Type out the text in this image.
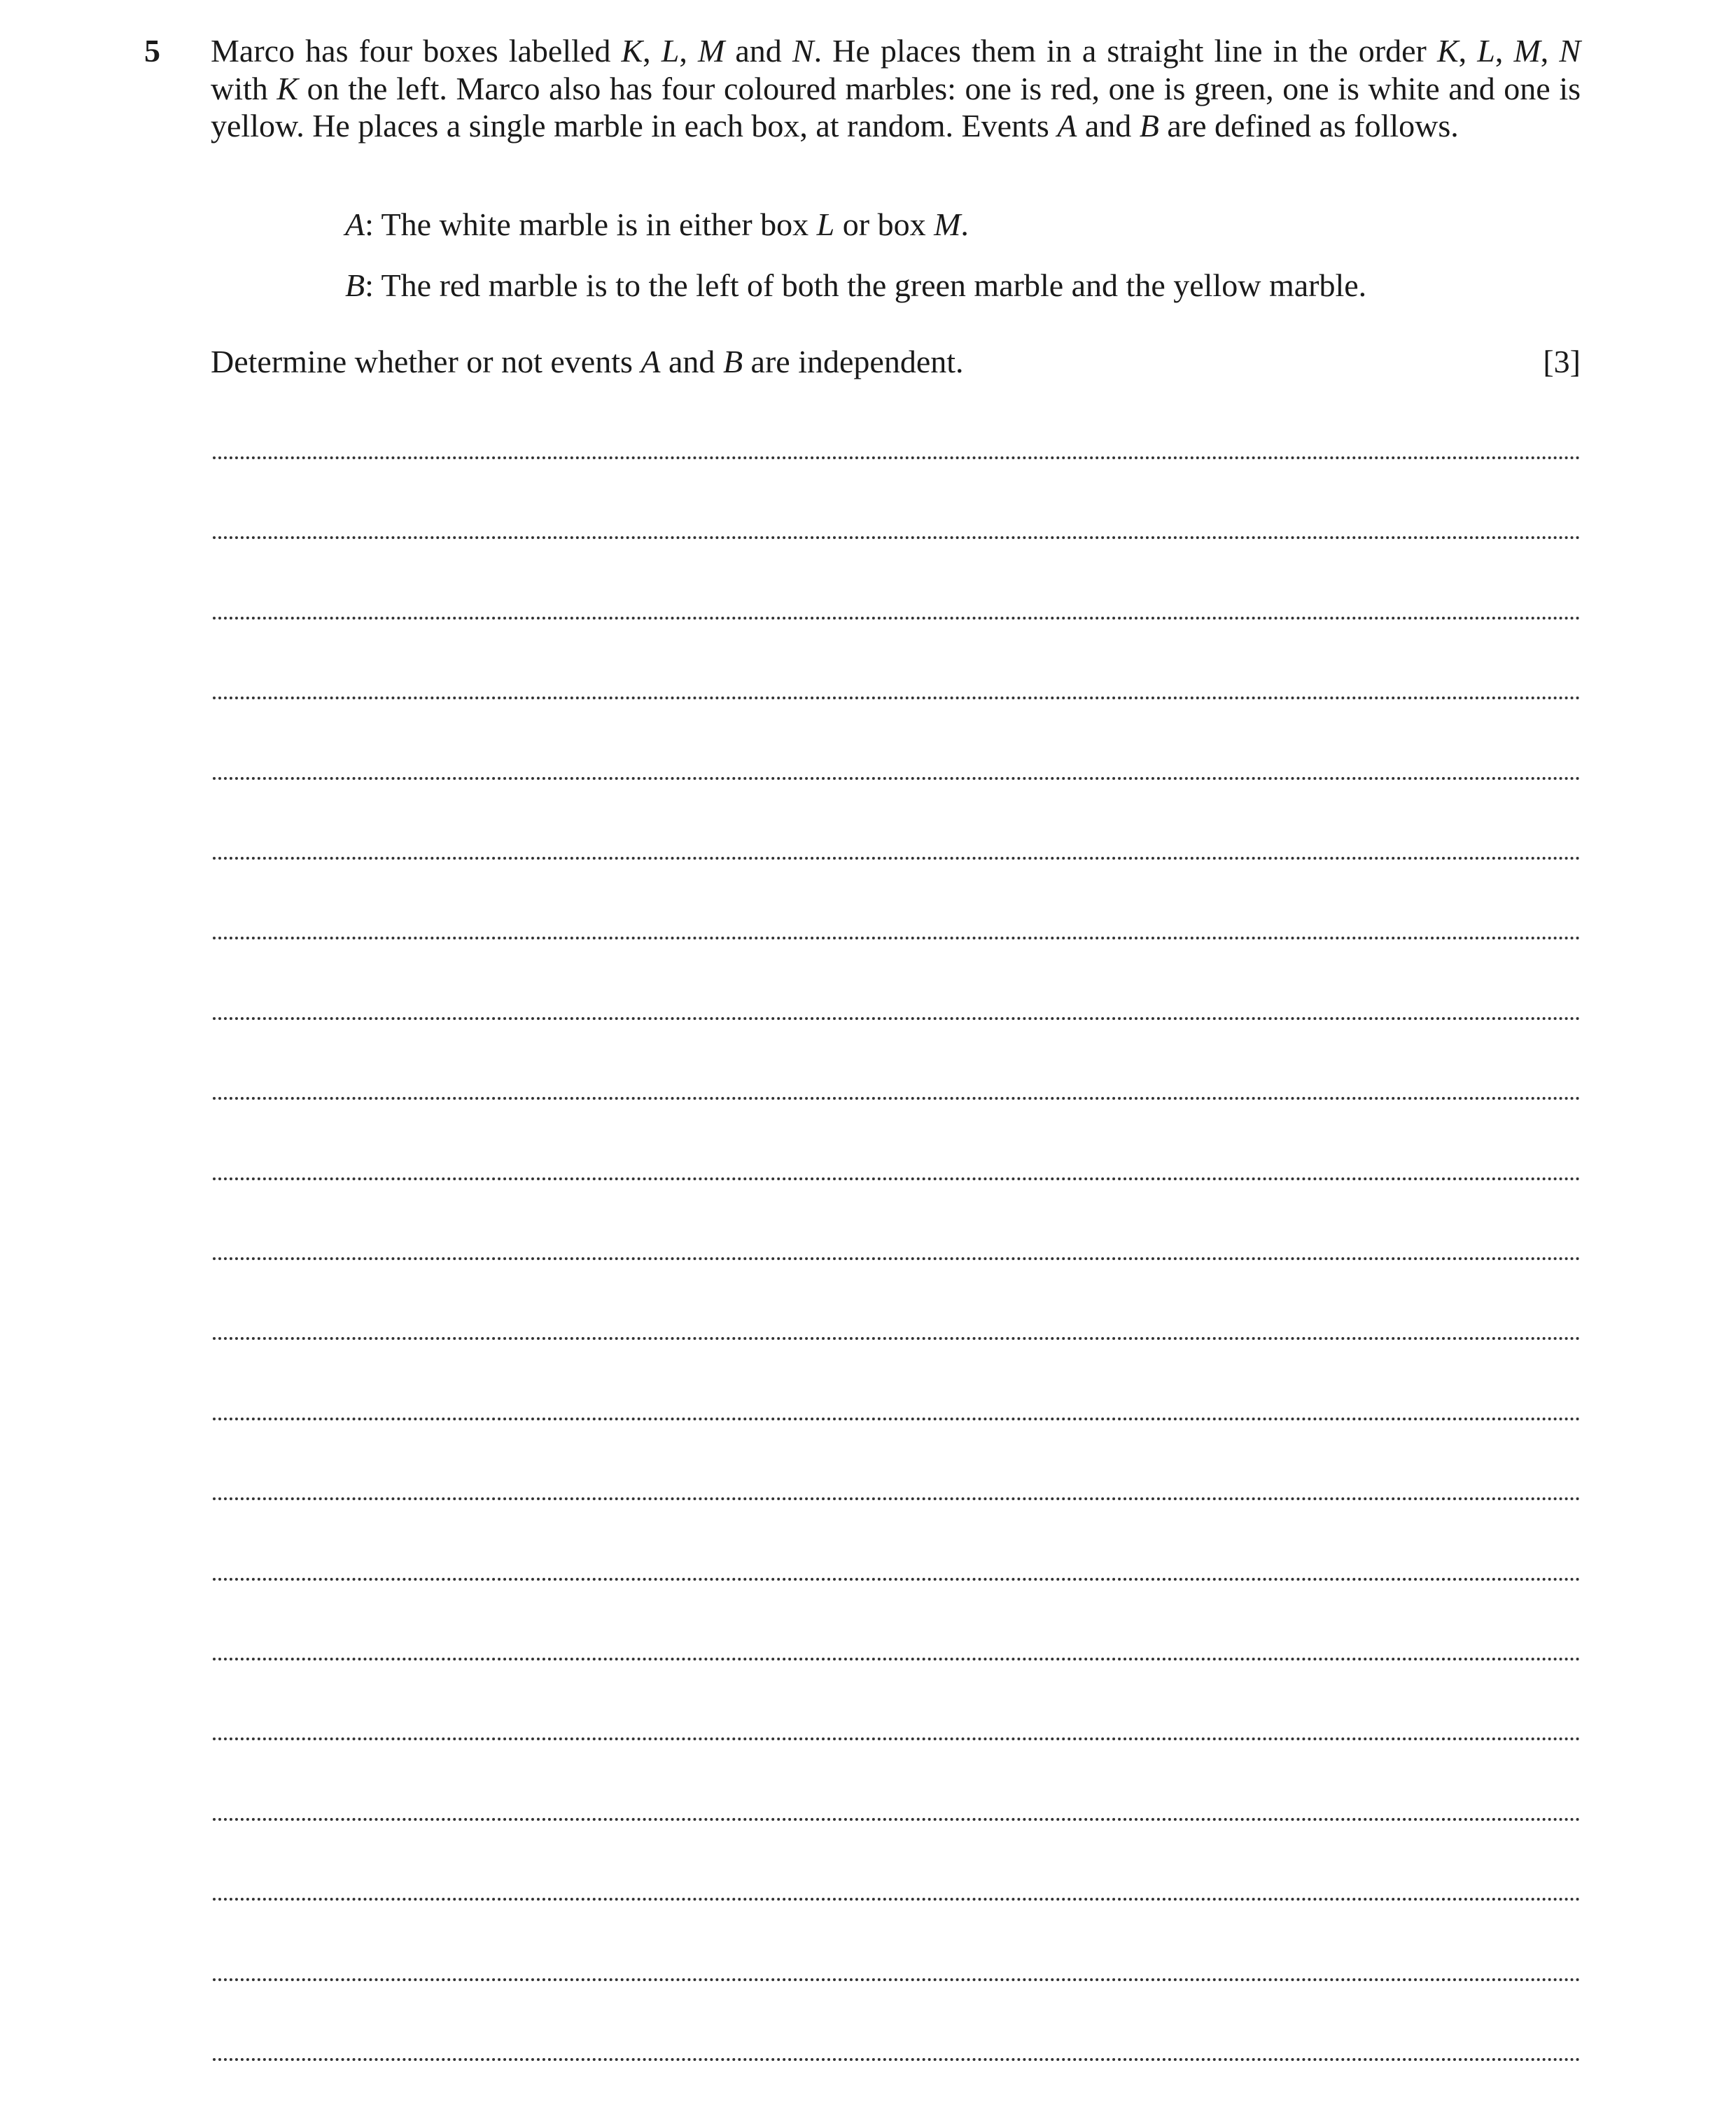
5 Marco has four boxes labelled K, L, M and N. He places them in a straight line in the order K, L, M, N with K on the left. Marco also has four coloured marbles: one is red, one is green, one is white and one is yellow. He places a single marble in each box, at random. Events A and B are defined as follows.
A: The white marble is in either box L or box M.
B: The red marble is to the left of both the green marble and the yellow marble.
Determine whether or not events A and B are independent.	[3]
